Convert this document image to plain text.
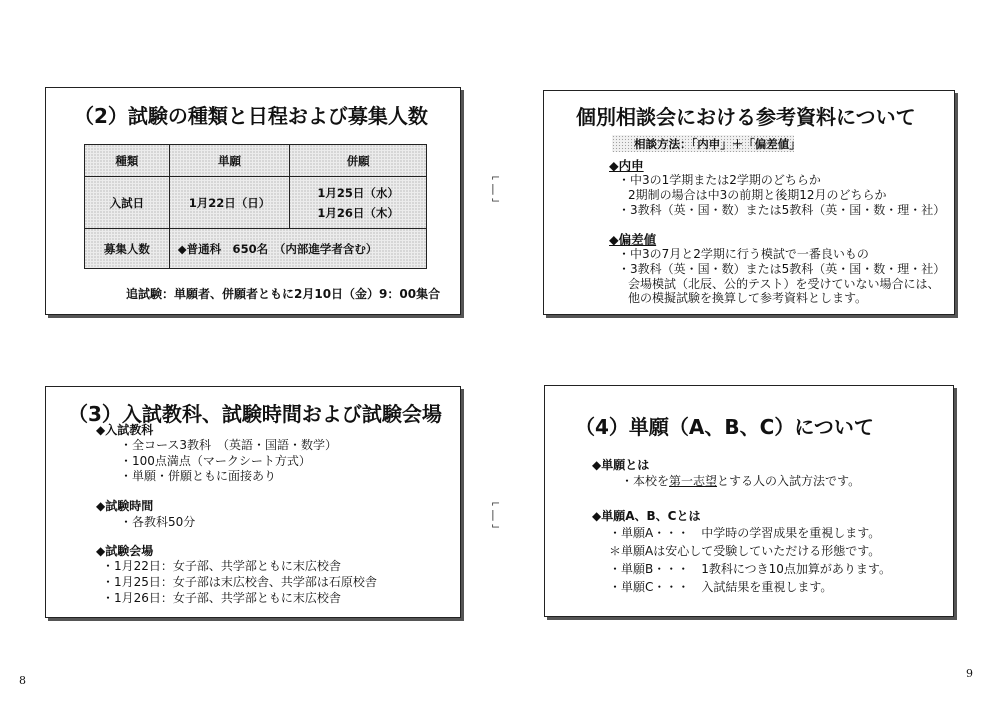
（2）試験の種類と日程および募集人数
種類	単願	併願
入試日	1月22日（日）	1月25日（水）
1月26日（木）

募集人数	◆普通科　650名　（内部進学者含む）	
追試験：単願者、併願者ともに2月10日（金）9：00集合
個別相談会における参考資料について
相談方法：「内申」＋「偏差値」
◆内申
・中3の1学期または2学期のどちらか
2期制の場合は中3の前期と後期12月のどちらか
・3教科（英・国・数）または5教科（英・国・数・理・社）
◆偏差値
・中3の7月と2学期に行う模試で一番良いもの
・3教科（英・国・数）または5教科（英・国・数・理・社）
会場模試（北辰、公的テスト）を受けていない場合には、
他の模擬試験を換算して参考資料とします。
（3）入試教科、試験時間および試験会場
◆入試教科
・全コース3教科　（英語・国語・数学）
・100点満点（マークシート方式）
・単願・併願ともに面接あり
◆試験時間
・各教科50分
◆試験会場
・1月22日：女子部、共学部ともに末広校舎
・1月25日：女子部は末広校舎、共学部は石原校舎
・1月26日：女子部、共学部ともに末広校舎
（4）単願（A、B、C）について
◆単願とは
・本校を第一志望とする人の入試方法です。
◆単願A、B、Cとは
・単願A・・・　中学時の学習成果を重視します。
＊単願Aは安心して受験していただける形態です。
・単願B・・・　1教科につき10点加算があります。
・単願C・・・　入試結果を重視します。
⌐
|
⌙
⌐
|
⌙
8
9
